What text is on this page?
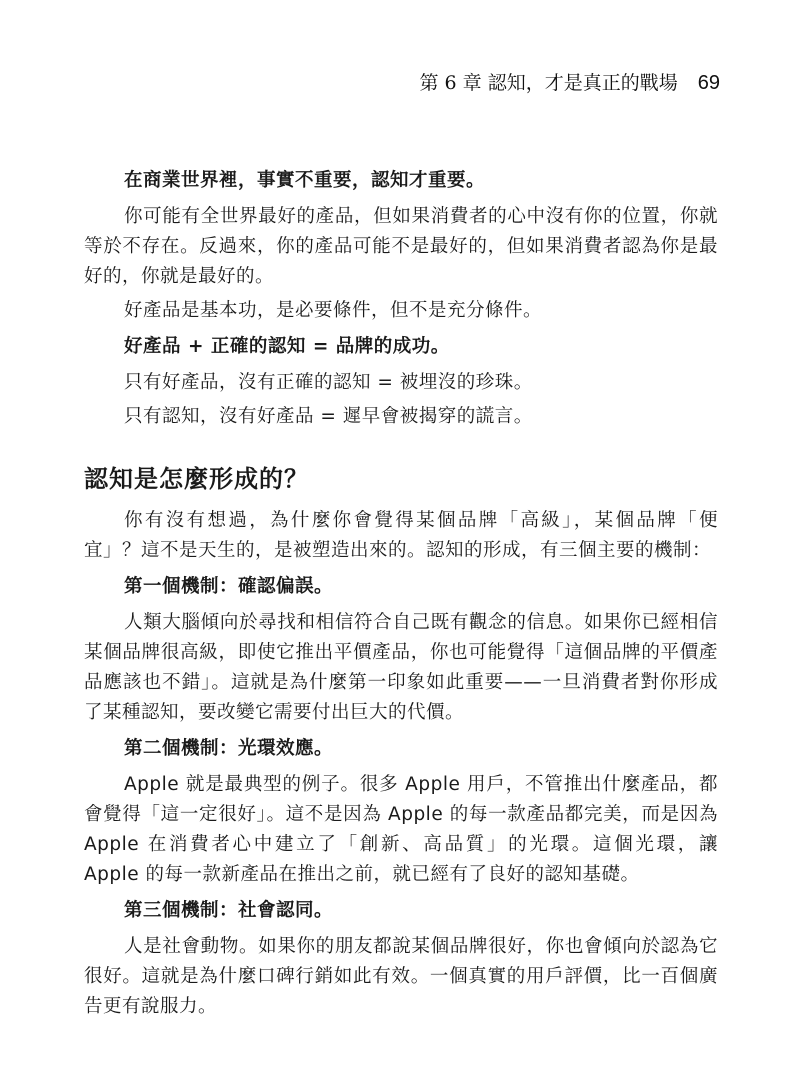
第 6 章 認知，才是真正的戰場 69

在商業世界裡，事實不重要，認知才重要。

你可能有全世界最好的產品，但如果消費者的心中沒有你的位置，你就等於不存在。反過來，你的產品可能不是最好的，但如果消費者認為你是最好的，你就是最好的。

好產品是基本功，是必要條件，但不是充分條件。

好產品 + 正確的認知 = 品牌的成功。

只有好產品，沒有正確的認知 = 被埋沒的珍珠。

只有認知，沒有好產品 = 遲早會被揭穿的謊言。

認知是怎麼形成的？

你有沒有想過，為什麼你會覺得某個品牌「高級」，某個品牌「便宜」？這不是天生的，是被塑造出來的。認知的形成，有三個主要的機制：

第一個機制：確認偏誤。

人類大腦傾向於尋找和相信符合自己既有觀念的信息。如果你已經相信某個品牌很高級，即使它推出平價產品，你也可能覺得「這個品牌的平價產品應該也不錯」。這就是為什麼第一印象如此重要——一旦消費者對你形成了某種認知，要改變它需要付出巨大的代價。

第二個機制：光環效應。

Apple 就是最典型的例子。很多 Apple 用戶，不管推出什麼產品，都會覺得「這一定很好」。這不是因為 Apple 的每一款產品都完美，而是因為 Apple 在消費者心中建立了「創新、高品質」的光環。這個光環，讓 Apple 的每一款新產品在推出之前，就已經有了良好的認知基礎。

第三個機制：社會認同。

人是社會動物。如果你的朋友都說某個品牌很好，你也會傾向於認為它很好。這就是為什麼口碑行銷如此有效。一個真實的用戶評價，比一百個廣告更有說服力。
